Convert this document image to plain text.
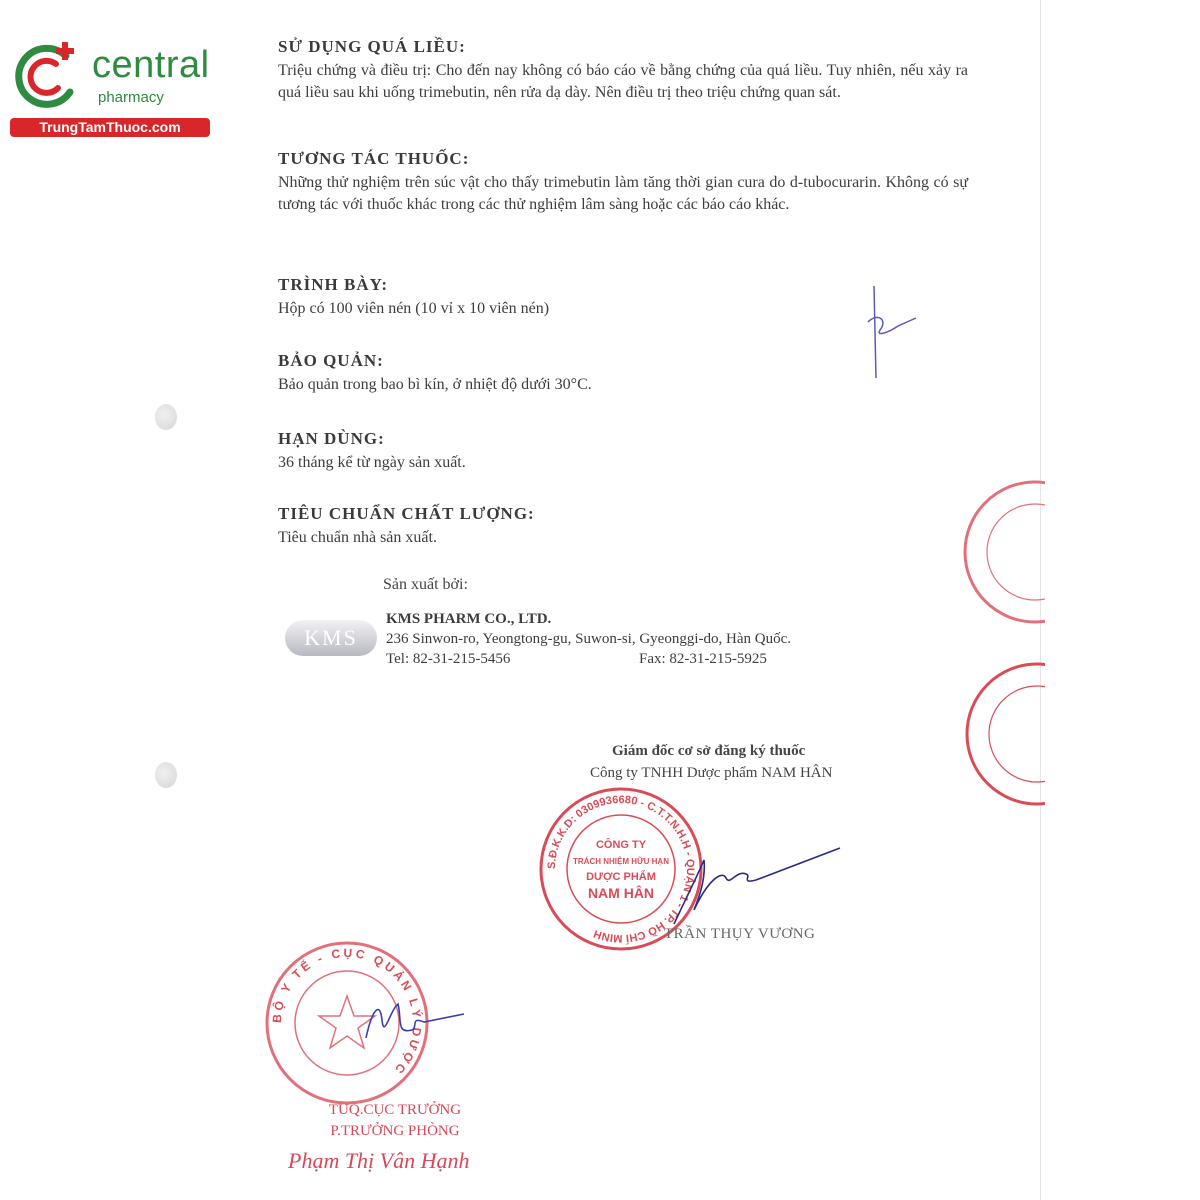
central
pharmacy
TrungTamThuoc.com

SỬ DỤNG QUÁ LIỀU:

Triệu chứng và điều trị: Cho đến nay không có báo cáo về bằng chứng của quá liều. Tuy nhiên, nếu xảy ra quá liều sau khi uống trimebutin, nên rửa dạ dày. Nên điều trị theo triệu chứng quan sát.

TƯƠNG TÁC THUỐC:

Những thử nghiệm trên súc vật cho thấy trimebutin làm tăng thời gian cura do d-tubocurarin. Không có sự tương tác với thuốc khác trong các thử nghiệm lâm sàng hoặc các báo cáo khác.

TRÌNH BÀY:

Hộp có 100 viên nén (10 vỉ x 10 viên nén)

BẢO QUẢN:

Bảo quản trong bao bì kín, ở nhiệt độ dưới 30°C.

HẠN DÙNG:

36 tháng kể từ ngày sản xuất.

TIÊU CHUẨN CHẤT LƯỢNG:

Tiêu chuẩn nhà sản xuất.

Sản xuất bởi:
KMS
KMS PHARM CO., LTD.
236 Sinwon-ro, Yeongtong-gu, Suwon-si, Gyeonggi-do, Hàn Quốc.
Tel: 82-31-215-5456	Fax: 82-31-215-5925
Giám đốc cơ sở đăng ký thuốc
Công ty TNHH Dược phẩm NAM HÂN
S.Đ.K.K.D: 0309936680 - C.T.T.N.H.H - QUẬN 1 - TP. HỒ CHÍ MINH
CÔNG TY
TRÁCH NHIỆM HỮU HẠN
DƯỢC PHẨM
NAM HÂN
TRẦN THỤY VƯƠNG
BỘ Y TẾ - CỤC QUẢN LÝ DƯỢC
TUQ.CỤC TRƯỞNG
P.TRƯỞNG PHÒNG
Phạm Thị Vân Hạnh
